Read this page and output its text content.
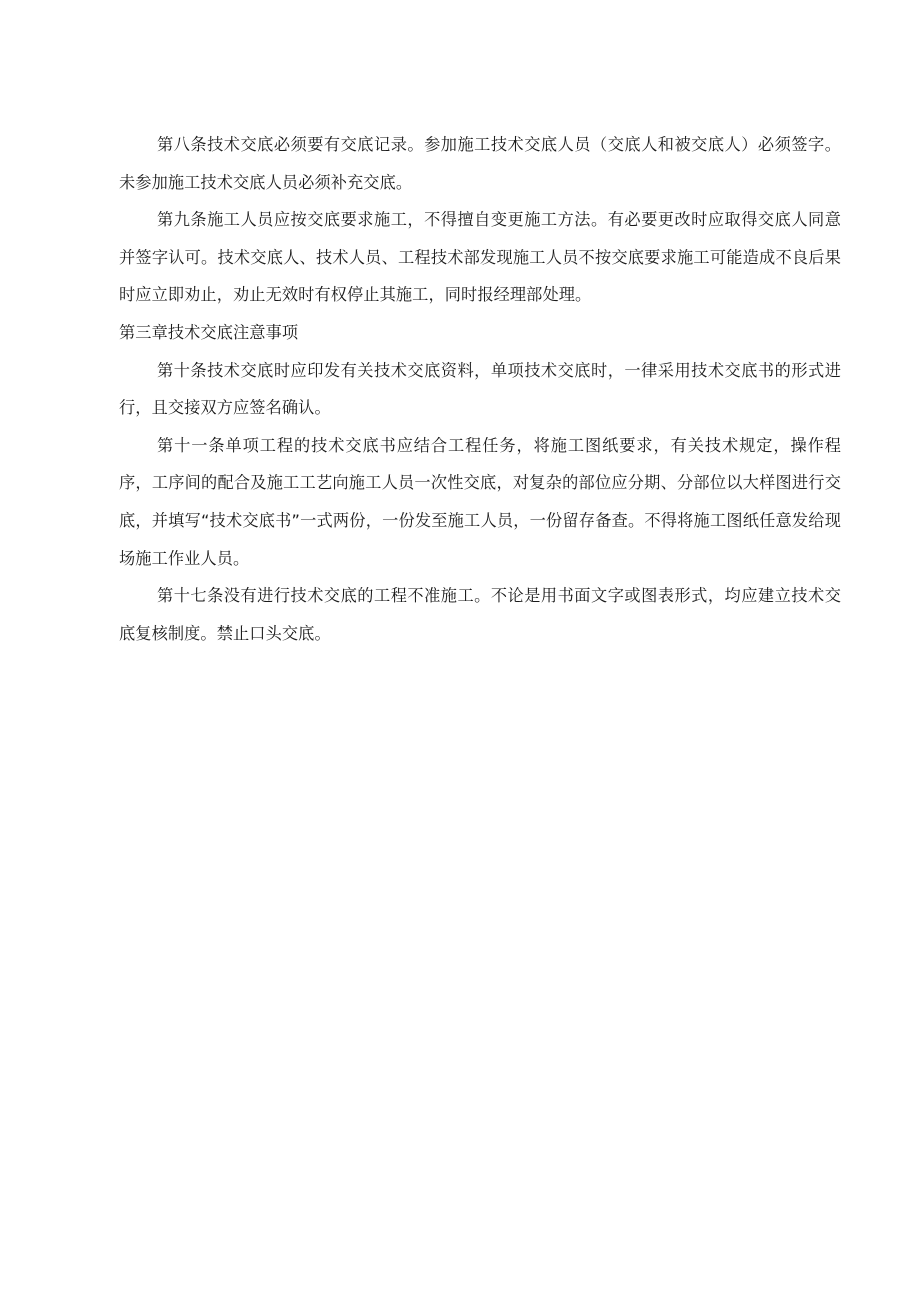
第八条技术交底必须要有交底记录。参加施工技术交底人员（交底人和被交底人）必须签字。未参加施工技术交底人员必须补充交底。

第九条施工人员应按交底要求施工，不得擅自变更施工方法。有必要更改时应取得交底人同意并签字认可。技术交底人、技术人员、工程技术部发现施工人员不按交底要求施工可能造成不良后果时应立即劝止，劝止无效时有权停止其施工，同时报经理部处理。

第三章技术交底注意事项

第十条技术交底时应印发有关技术交底资料，单项技术交底时，一律采用技术交底书的形式进行，且交接双方应签名确认。

第十一条单项工程的技术交底书应结合工程任务，将施工图纸要求，有关技术规定，操作程序，工序间的配合及施工工艺向施工人员一次性交底，对复杂的部位应分期、分部位以大样图进行交底，并填写“技术交底书”一式两份，一份发至施工人员，一份留存备查。不得将施工图纸任意发给现场施工作业人员。

第十七条没有进行技术交底的工程不准施工。不论是用书面文字或图表形式，均应建立技术交底复核制度。禁止口头交底。
